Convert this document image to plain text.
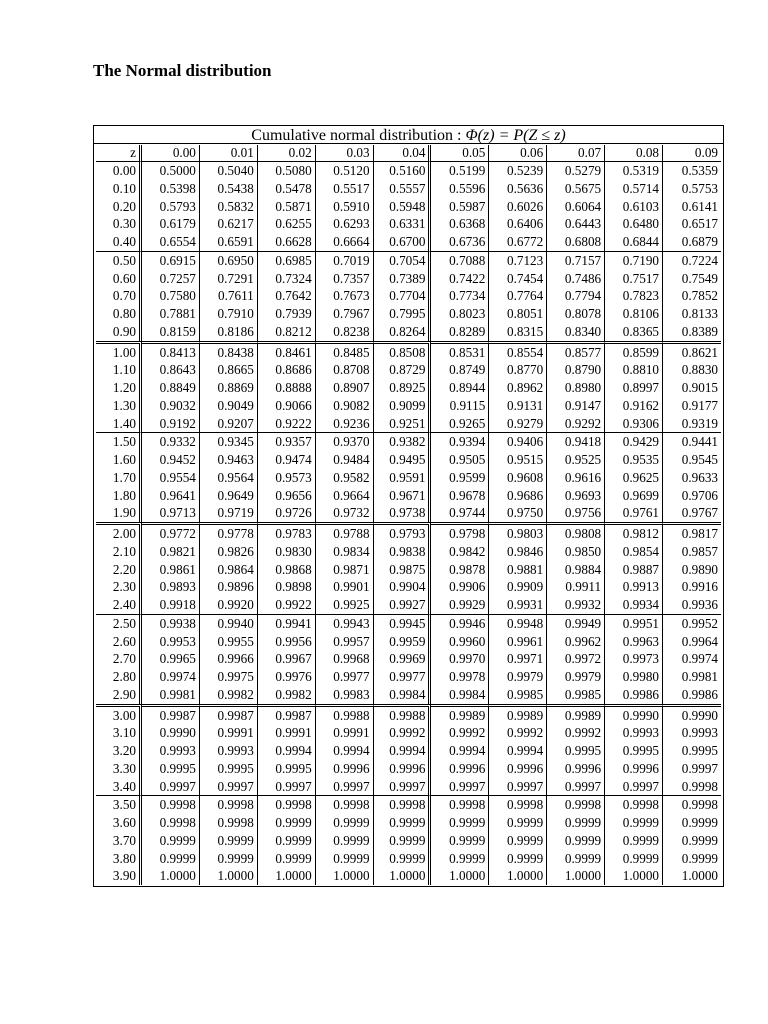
The Normal distribution
Cumulative normal distribution : Φ(z) = P(Z ≤ z)
z	0.00	0.01	0.02	0.03	0.04	0.05	0.06	0.07	0.08	0.09
0.00	0.5000	0.5040	0.5080	0.5120	0.5160	0.5199	0.5239	0.5279	0.5319	0.5359
0.10	0.5398	0.5438	0.5478	0.5517	0.5557	0.5596	0.5636	0.5675	0.5714	0.5753
0.20	0.5793	0.5832	0.5871	0.5910	0.5948	0.5987	0.6026	0.6064	0.6103	0.6141
0.30	0.6179	0.6217	0.6255	0.6293	0.6331	0.6368	0.6406	0.6443	0.6480	0.6517
0.40	0.6554	0.6591	0.6628	0.6664	0.6700	0.6736	0.6772	0.6808	0.6844	0.6879
0.50	0.6915	0.6950	0.6985	0.7019	0.7054	0.7088	0.7123	0.7157	0.7190	0.7224
0.60	0.7257	0.7291	0.7324	0.7357	0.7389	0.7422	0.7454	0.7486	0.7517	0.7549
0.70	0.7580	0.7611	0.7642	0.7673	0.7704	0.7734	0.7764	0.7794	0.7823	0.7852
0.80	0.7881	0.7910	0.7939	0.7967	0.7995	0.8023	0.8051	0.8078	0.8106	0.8133
0.90	0.8159	0.8186	0.8212	0.8238	0.8264	0.8289	0.8315	0.8340	0.8365	0.8389
1.00	0.8413	0.8438	0.8461	0.8485	0.8508	0.8531	0.8554	0.8577	0.8599	0.8621
1.10	0.8643	0.8665	0.8686	0.8708	0.8729	0.8749	0.8770	0.8790	0.8810	0.8830
1.20	0.8849	0.8869	0.8888	0.8907	0.8925	0.8944	0.8962	0.8980	0.8997	0.9015
1.30	0.9032	0.9049	0.9066	0.9082	0.9099	0.9115	0.9131	0.9147	0.9162	0.9177
1.40	0.9192	0.9207	0.9222	0.9236	0.9251	0.9265	0.9279	0.9292	0.9306	0.9319
1.50	0.9332	0.9345	0.9357	0.9370	0.9382	0.9394	0.9406	0.9418	0.9429	0.9441
1.60	0.9452	0.9463	0.9474	0.9484	0.9495	0.9505	0.9515	0.9525	0.9535	0.9545
1.70	0.9554	0.9564	0.9573	0.9582	0.9591	0.9599	0.9608	0.9616	0.9625	0.9633
1.80	0.9641	0.9649	0.9656	0.9664	0.9671	0.9678	0.9686	0.9693	0.9699	0.9706
1.90	0.9713	0.9719	0.9726	0.9732	0.9738	0.9744	0.9750	0.9756	0.9761	0.9767
2.00	0.9772	0.9778	0.9783	0.9788	0.9793	0.9798	0.9803	0.9808	0.9812	0.9817
2.10	0.9821	0.9826	0.9830	0.9834	0.9838	0.9842	0.9846	0.9850	0.9854	0.9857
2.20	0.9861	0.9864	0.9868	0.9871	0.9875	0.9878	0.9881	0.9884	0.9887	0.9890
2.30	0.9893	0.9896	0.9898	0.9901	0.9904	0.9906	0.9909	0.9911	0.9913	0.9916
2.40	0.9918	0.9920	0.9922	0.9925	0.9927	0.9929	0.9931	0.9932	0.9934	0.9936
2.50	0.9938	0.9940	0.9941	0.9943	0.9945	0.9946	0.9948	0.9949	0.9951	0.9952
2.60	0.9953	0.9955	0.9956	0.9957	0.9959	0.9960	0.9961	0.9962	0.9963	0.9964
2.70	0.9965	0.9966	0.9967	0.9968	0.9969	0.9970	0.9971	0.9972	0.9973	0.9974
2.80	0.9974	0.9975	0.9976	0.9977	0.9977	0.9978	0.9979	0.9979	0.9980	0.9981
2.90	0.9981	0.9982	0.9982	0.9983	0.9984	0.9984	0.9985	0.9985	0.9986	0.9986
3.00	0.9987	0.9987	0.9987	0.9988	0.9988	0.9989	0.9989	0.9989	0.9990	0.9990
3.10	0.9990	0.9991	0.9991	0.9991	0.9992	0.9992	0.9992	0.9992	0.9993	0.9993
3.20	0.9993	0.9993	0.9994	0.9994	0.9994	0.9994	0.9994	0.9995	0.9995	0.9995
3.30	0.9995	0.9995	0.9995	0.9996	0.9996	0.9996	0.9996	0.9996	0.9996	0.9997
3.40	0.9997	0.9997	0.9997	0.9997	0.9997	0.9997	0.9997	0.9997	0.9997	0.9998
3.50	0.9998	0.9998	0.9998	0.9998	0.9998	0.9998	0.9998	0.9998	0.9998	0.9998
3.60	0.9998	0.9998	0.9999	0.9999	0.9999	0.9999	0.9999	0.9999	0.9999	0.9999
3.70	0.9999	0.9999	0.9999	0.9999	0.9999	0.9999	0.9999	0.9999	0.9999	0.9999
3.80	0.9999	0.9999	0.9999	0.9999	0.9999	0.9999	0.9999	0.9999	0.9999	0.9999
3.90	1.0000	1.0000	1.0000	1.0000	1.0000	1.0000	1.0000	1.0000	1.0000	1.0000
